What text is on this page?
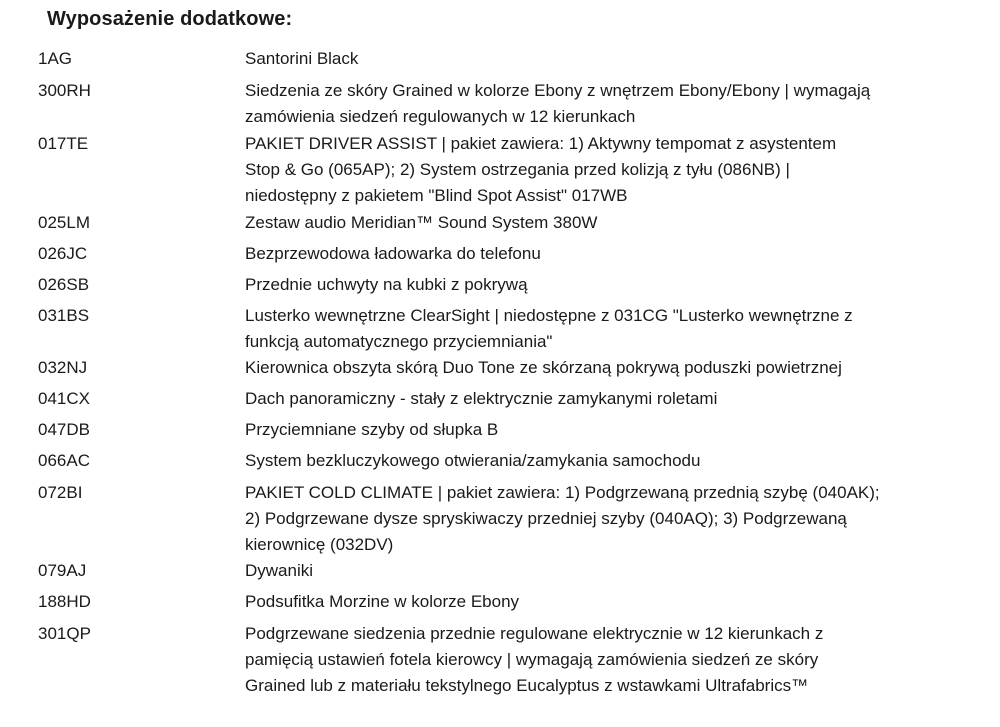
Wyposażenie dodatkowe:
1AG	Santorini Black
300RH	Siedzenia ze skóry Grained w kolorze Ebony z wnętrzem Ebony/Ebony | wymagają
zamówienia siedzeń regulowanych w 12 kierunkach
017TE	PAKIET DRIVER ASSIST | pakiet zawiera: 1) Aktywny tempomat z asystentem
Stop & Go (065AP); 2) System ostrzegania przed kolizją z tyłu (086NB) |
niedostępny z pakietem "Blind Spot Assist" 017WB
025LM	Zestaw audio Meridian™ Sound System 380W
026JC	Bezprzewodowa ładowarka do telefonu
026SB	Przednie uchwyty na kubki z pokrywą
031BS	Lusterko wewnętrzne ClearSight | niedostępne z 031CG "Lusterko wewnętrzne z
funkcją automatycznego przyciemniania"
032NJ	Kierownica obszyta skórą Duo Tone ze skórzaną pokrywą poduszki powietrznej
041CX	Dach panoramiczny - stały z elektrycznie zamykanymi roletami
047DB	Przyciemniane szyby od słupka B
066AC	System bezkluczykowego otwierania/zamykania samochodu
072BI	PAKIET COLD CLIMATE | pakiet zawiera: 1) Podgrzewaną przednią szybę (040AK);
2) Podgrzewane dysze spryskiwaczy przedniej szyby (040AQ); 3) Podgrzewaną
kierownicę (032DV)
079AJ	Dywaniki
188HD	Podsufitka Morzine w kolorze Ebony
301QP	Podgrzewane siedzenia przednie regulowane elektrycznie w 12 kierunkach z
pamięcią ustawień fotela kierowcy | wymagają zamówienia siedzeń ze skóry
Grained lub z materiału tekstylnego Eucalyptus z wstawkami Ultrafabrics™
